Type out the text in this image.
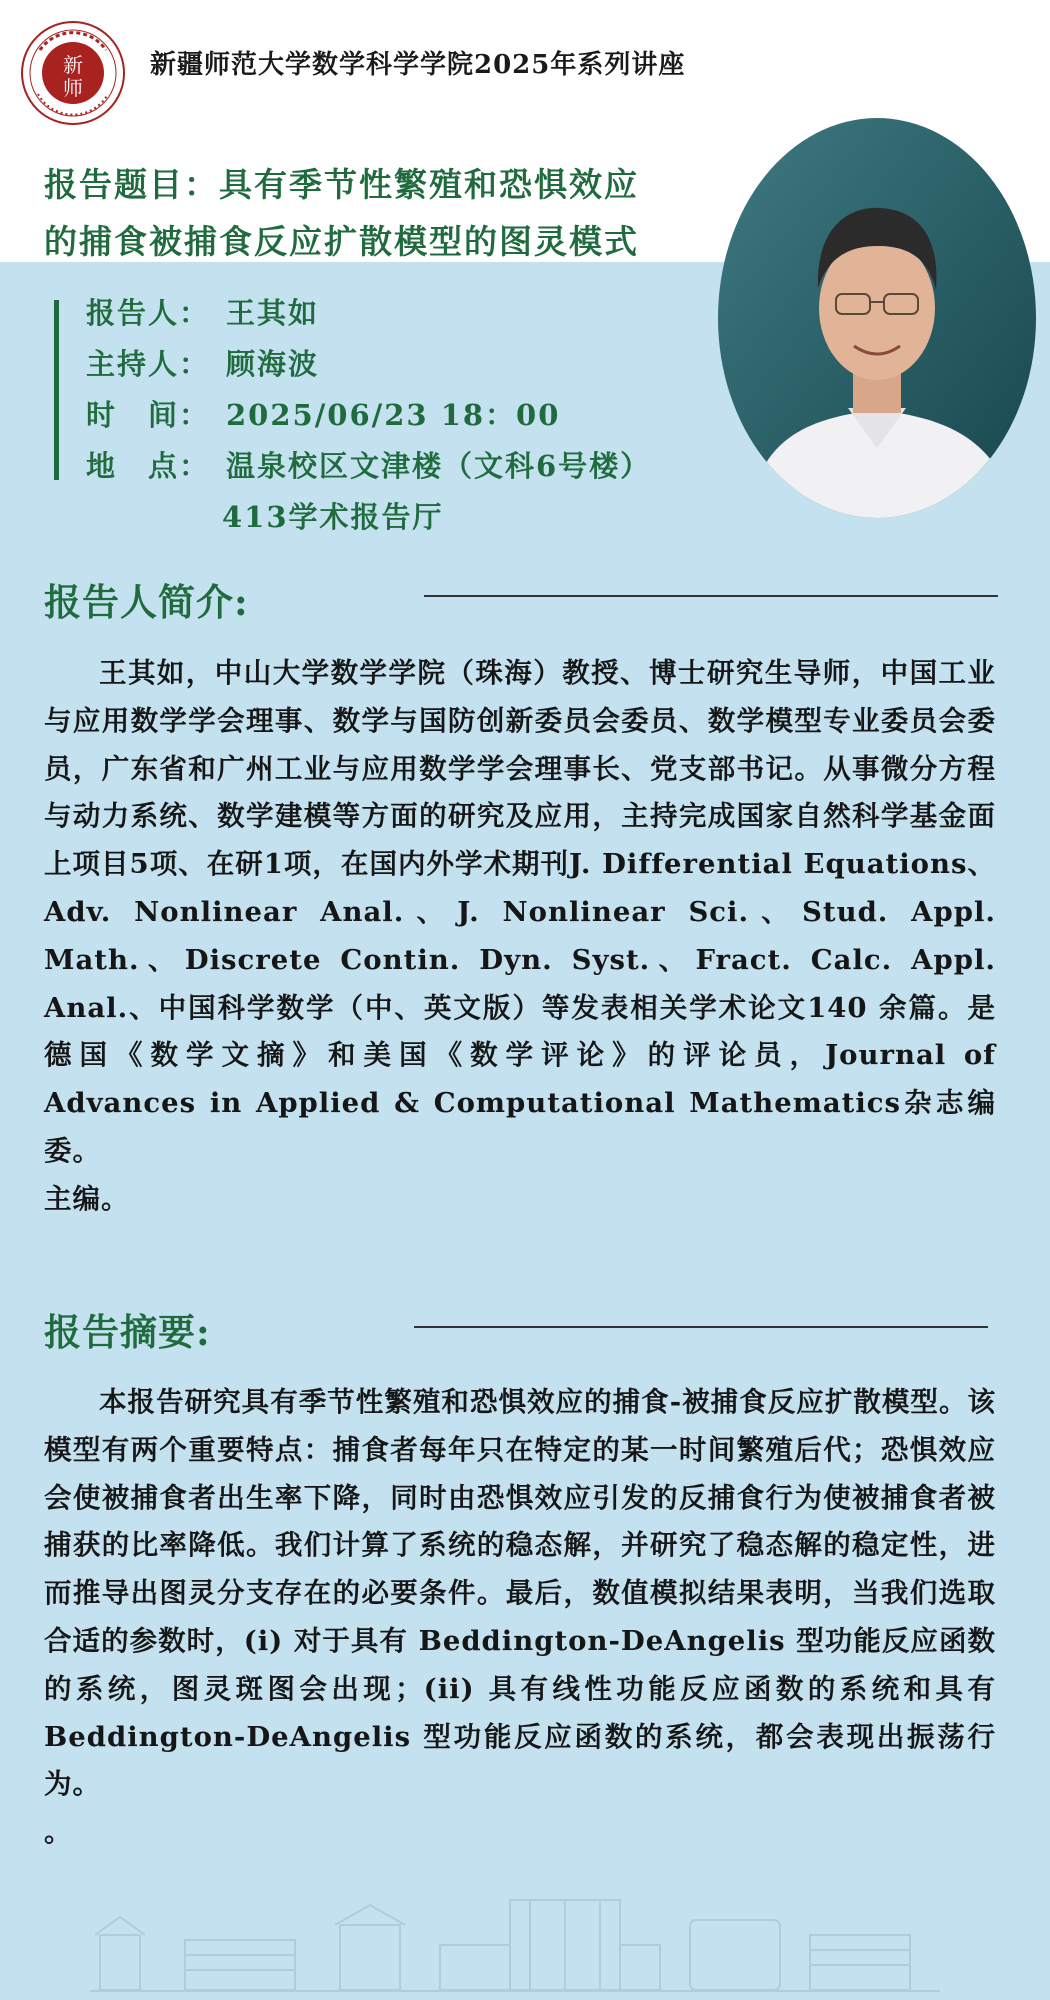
新
师
新疆师范大学数学科学学院2025年系列讲座
报告题目：具有季节性繁殖和恐惧效应
的捕食被捕食反应扩散模型的图灵模式
报告人： 王其如
主持人： 顾海波
时　间： 2025/06/23 18：00
地　点： 温泉校区文津楼（文科6号楼）
413学术报告厅
报告人简介:

王其如，中山大学数学学院（珠海）教授、博士研究生导师，中国工业与应用数学学会理事、数学与国防创新委员会委员、数学模型专业委员会委员，广东省和广州工业与应用数学学会理事长、党支部书记。从事微分方程与动力系统、数学建模等方面的研究及应用，主持完成国家自然科学基金面上项目5项、在研1项，在国内外学术期刊J. Differential Equations、Adv. Nonlinear Anal.、J. Nonlinear Sci.、Stud. Appl. Math.、Discrete Contin. Dyn. Syst.、Fract. Calc. Appl. Anal.、中国科学数学（中、英文版）等发表相关学术论文140 余篇。是德国《数学文摘》和美国《数学评论》的评论员，Journal of Advances in Applied & Computational Mathematics杂志编委。

主编。
报告摘要:

本报告研究具有季节性繁殖和恐惧效应的捕食-被捕食反应扩散模型。该模型有两个重要特点：捕食者每年只在特定的某一时间繁殖后代；恐惧效应会使被捕食者出生率下降，同时由恐惧效应引发的反捕食行为使被捕食者被捕获的比率降低。我们计算了系统的稳态解，并研究了稳态解的稳定性，进而推导出图灵分支存在的必要条件。最后，数值模拟结果表明，当我们选取合适的参数时，(i) 对于具有 Beddington-DeAngelis 型功能反应函数的系统，图灵斑图会出现；(ii) 具有线性功能反应函数的系统和具有 Beddington-DeAngelis 型功能反应函数的系统，都会表现出振荡行为。

。
